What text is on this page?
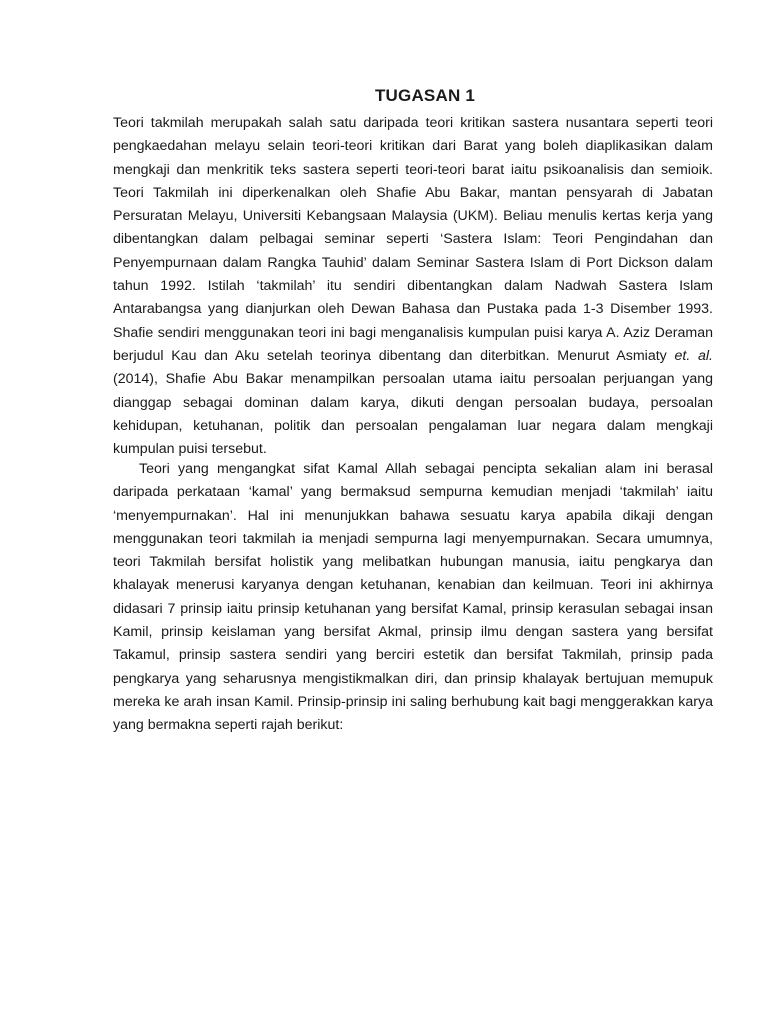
TUGASAN 1
Teori takmilah merupakah salah satu daripada teori kritikan sastera nusantara seperti teori pengkaedahan melayu selain teori-teori kritikan dari Barat yang boleh diaplikasikan dalam mengkaji dan menkritik teks sastera seperti teori-teori barat iaitu psikoanalisis dan semioik. Teori Takmilah ini diperkenalkan oleh Shafie Abu Bakar, mantan pensyarah di Jabatan Persuratan Melayu, Universiti Kebangsaan Malaysia (UKM). Beliau menulis kertas kerja yang dibentangkan dalam pelbagai seminar seperti ‘Sastera Islam: Teori Pengindahan dan Penyempurnaan dalam Rangka Tauhid’ dalam Seminar Sastera Islam di Port Dickson dalam tahun 1992. Istilah ‘takmilah’ itu sendiri dibentangkan dalam Nadwah Sastera Islam Antarabangsa yang dianjurkan oleh Dewan Bahasa dan Pustaka pada 1-3 Disember 1993. Shafie sendiri menggunakan teori ini bagi menganalisis kumpulan puisi karya A. Aziz Deraman berjudul Kau dan Aku setelah teorinya dibentang dan diterbitkan. Menurut Asmiaty et. al. (2014), Shafie Abu Bakar menampilkan persoalan utama iaitu persoalan perjuangan yang dianggap sebagai dominan dalam karya, dikuti dengan persoalan budaya, persoalan kehidupan, ketuhanan, politik dan persoalan pengalaman luar negara dalam mengkaji kumpulan puisi tersebut.
Teori yang mengangkat sifat Kamal Allah sebagai pencipta sekalian alam ini berasal daripada perkataan ‘kamal’ yang bermaksud sempurna kemudian menjadi ‘takmilah’ iaitu ‘menyempurnakan’. Hal ini menunjukkan bahawa sesuatu karya apabila dikaji dengan menggunakan teori takmilah ia menjadi sempurna lagi menyempurnakan. Secara umumnya, teori Takmilah bersifat holistik yang melibatkan hubungan manusia, iaitu pengkarya dan khalayak menerusi karyanya dengan ketuhanan, kenabian dan keilmuan. Teori ini akhirnya didasari 7 prinsip iaitu prinsip ketuhanan yang bersifat Kamal, prinsip kerasulan sebagai insan Kamil, prinsip keislaman yang bersifat Akmal, prinsip ilmu dengan sastera yang bersifat Takamul, prinsip sastera sendiri yang berciri estetik dan bersifat Takmilah, prinsip pada pengkarya yang seharusnya mengistikmalkan diri, dan prinsip khalayak bertujuan memupuk mereka ke arah insan Kamil. Prinsip-prinsip ini saling berhubung kait bagi menggerakkan karya yang bermakna seperti rajah berikut:
